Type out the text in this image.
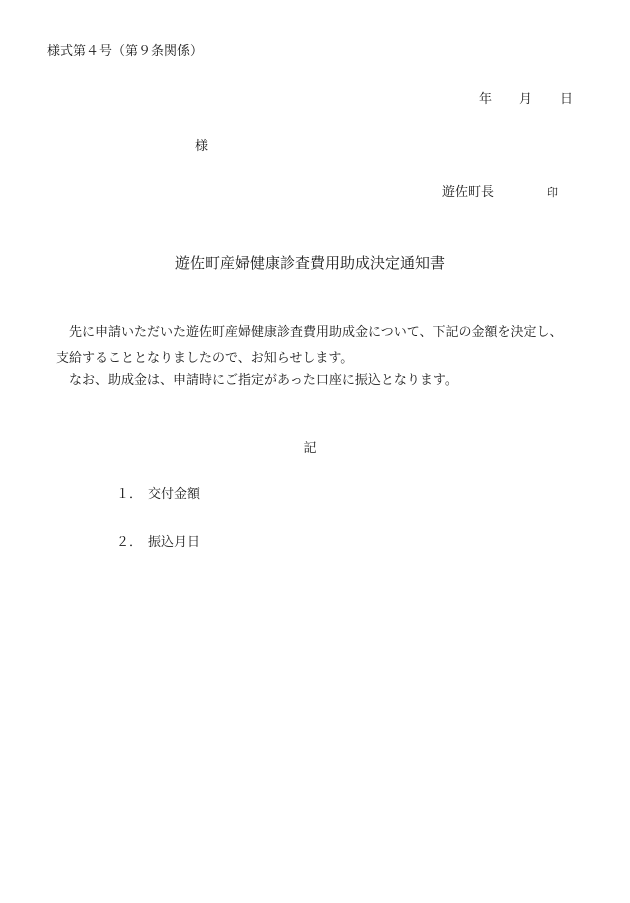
様式第４号（第９条関係）
年 月 日
様
遊佐町長	印
遊佐町産婦健康診査費用助成決定通知書
　先に申請いただいた遊佐町産婦健康診査費用助成金について、下記の金額を決定し、
支給することとなりましたので、お知らせします。
　なお、助成金は、申請時にご指定があった口座に振込となります。
記
１． 交付金額
２． 振込月日
